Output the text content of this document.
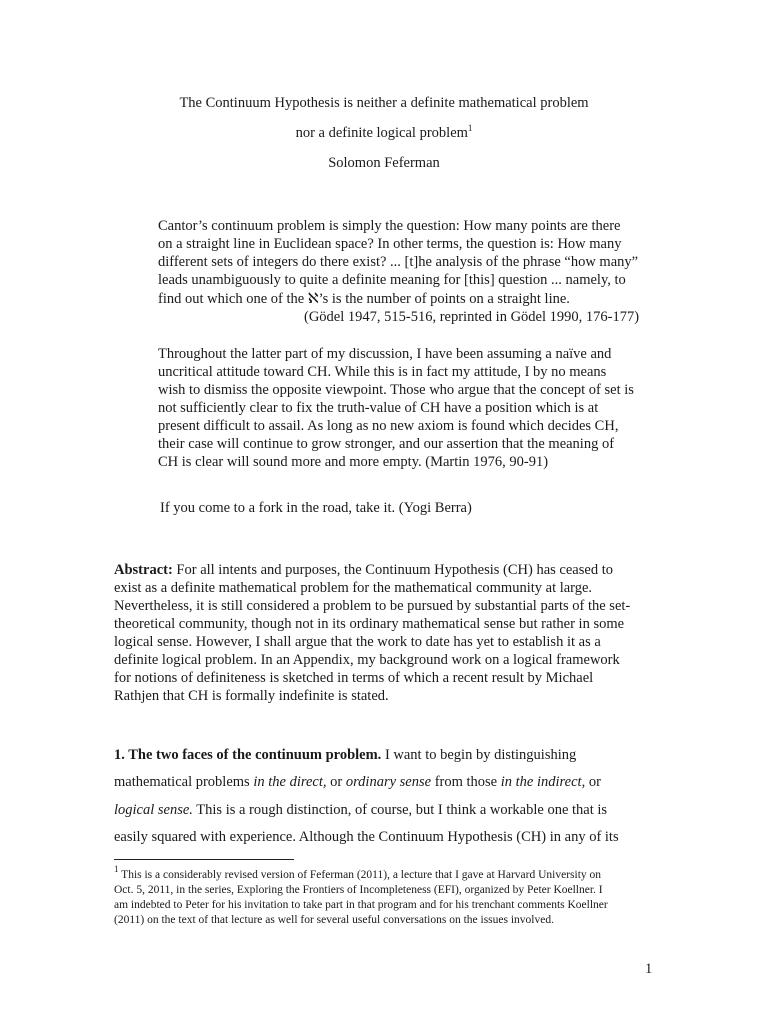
The Continuum Hypothesis is neither a definite mathematical problem
nor a definite logical problem$^1$
Solomon Feferman
Cantor’s continuum problem is simply the question: How many points are there
on a straight line in Euclidean space? In other terms, the question is: How many
different sets of integers do there exist? ... [t]he analysis of the phrase “how many”
leads unambiguously to quite a definite meaning for [this] question ... namely, to
find out which one of the ℵ’s is the number of points on a straight line.
(Gödel 1947, 515-516, reprinted in Gödel 1990, 176-177)
Throughout the latter part of my discussion, I have been assuming a naïve and
uncritical attitude toward CH. While this is in fact my attitude, I by no means
wish to dismiss the opposite viewpoint. Those who argue that the concept of set is
not sufficiently clear to fix the truth-value of CH have a position which is at
present difficult to assail. As long as no new axiom is found which decides CH,
their case will continue to grow stronger, and our assertion that the meaning of
CH is clear will sound more and more empty. (Martin 1976, 90-91)
If you come to a fork in the road, take it. (Yogi Berra)
Abstract: For all intents and purposes, the Continuum Hypothesis (CH) has ceased to
exist as a definite mathematical problem for the mathematical community at large.
Nevertheless, it is still considered a problem to be pursued by substantial parts of the set-
theoretical community, though not in its ordinary mathematical sense but rather in some
logical sense. However, I shall argue that the work to date has yet to establish it as a
definite logical problem. In an Appendix, my background work on a logical framework
for notions of definiteness is sketched in terms of which a recent result by Michael
Rathjen that CH is formally indefinite is stated.
1. The two faces of the continuum problem. I want to begin by distinguishing
mathematical problems in the direct, or ordinary sense from those in the indirect, or
logical sense. This is a rough distinction, of course, but I think a workable one that is
easily squared with experience. Although the Continuum Hypothesis (CH) in any of its
$^1$ This is a considerably revised version of Feferman (2011), a lecture that I gave at Harvard University on
Oct. 5, 2011, in the series, Exploring the Frontiers of Incompleteness (EFI), organized by Peter Koellner. I
am indebted to Peter for his invitation to take part in that program and for his trenchant comments Koellner
(2011) on the text of that lecture as well for several useful conversations on the issues involved.
1
